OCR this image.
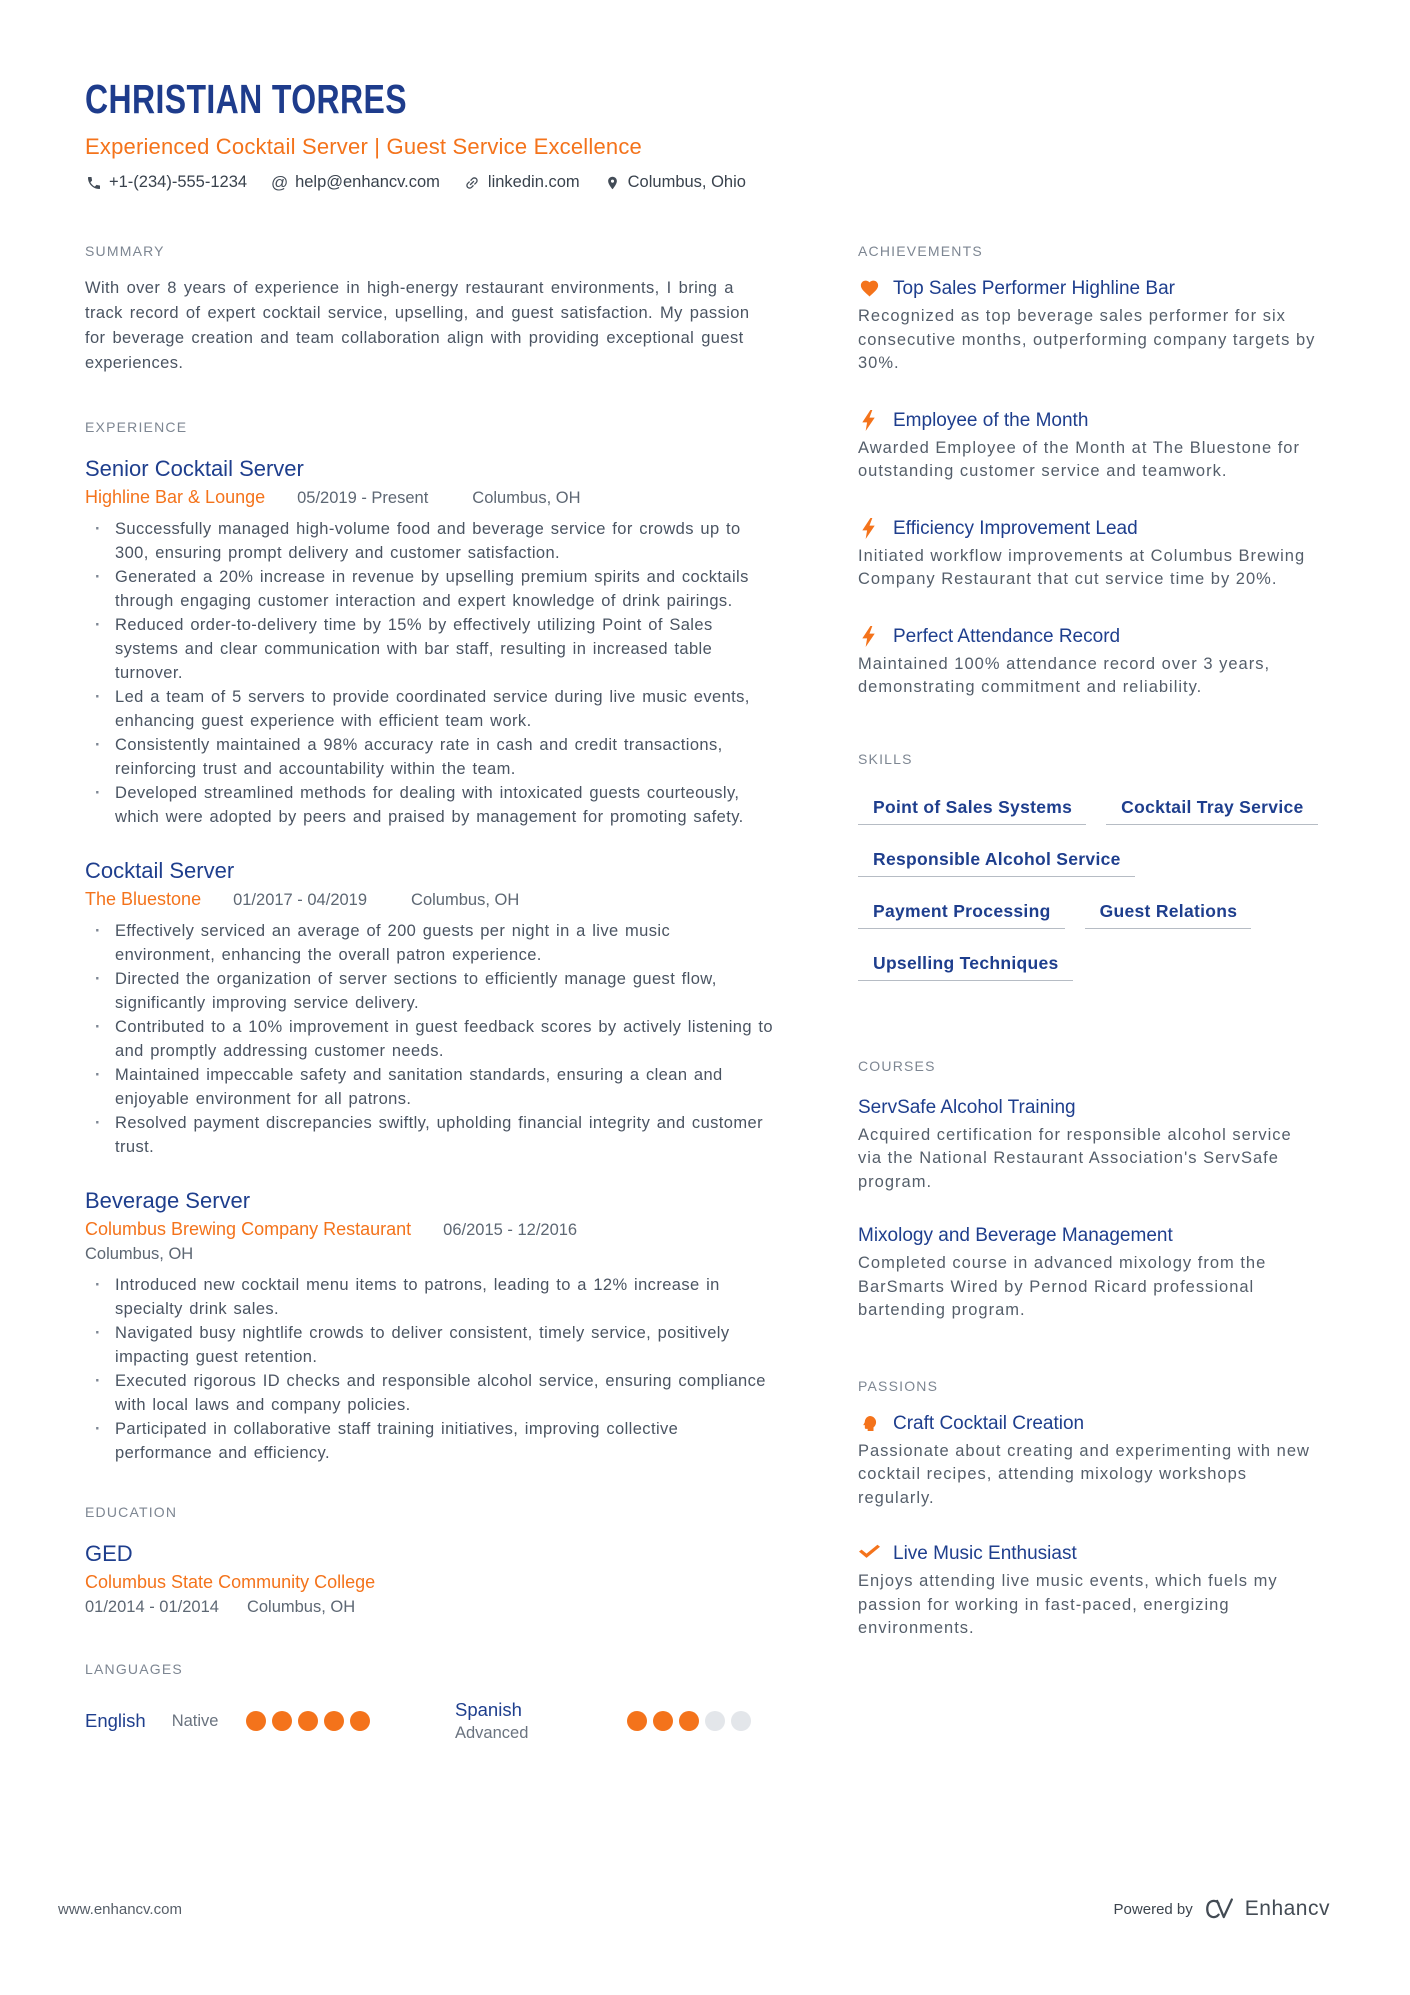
CHRISTIAN TORRES
Experienced Cocktail Server | Guest Service Excellence
+1-(234)-555-1234 @ help@enhancv.com	linkedin.com	Columbus, Ohio
SUMMARY

With over 8 years of experience in high-energy restaurant environments, I bring a track record of expert cocktail service, upselling, and guest satisfaction. My passion for beverage creation and team collaboration align with providing exceptional guest experiences.

EXPERIENCE
Senior Cocktail Server
Highline Bar & Lounge 05/2019 - Present	Columbus, OH
· Successfully managed high-volume food and beverage service for crowds up to 300, ensuring prompt delivery and customer satisfaction.
· Generated a 20% increase in revenue by upselling premium spirits and cocktails through engaging customer interaction and expert knowledge of drink pairings.
· Reduced order-to-delivery time by 15% by effectively utilizing Point of Sales systems and clear communication with bar staff, resulting in increased table turnover.
· Led a team of 5 servers to provide coordinated service during live music events, enhancing guest experience with efficient team work.
· Consistently maintained a 98% accuracy rate in cash and credit transactions, reinforcing trust and accountability within the team.
· Developed streamlined methods for dealing with intoxicated guests courteously, which were adopted by peers and praised by management for promoting safety.
Cocktail Server
The Bluestone 01/2017 - 04/2019	Columbus, OH
· Effectively serviced an average of 200 guests per night in a live music environment, enhancing the overall patron experience.
· Directed the organization of server sections to efficiently manage guest flow, significantly improving service delivery.
· Contributed to a 10% improvement in guest feedback scores by actively listening to and promptly addressing customer needs.
· Maintained impeccable safety and sanitation standards, ensuring a clean and enjoyable environment for all patrons.
· Resolved payment discrepancies swiftly, upholding financial integrity and customer trust.
Beverage Server
Columbus Brewing Company Restaurant 06/2015 - 12/2016
Columbus, OH
· Introduced new cocktail menu items to patrons, leading to a 12% increase in specialty drink sales.
· Navigated busy nightlife crowds to deliver consistent, timely service, positively impacting guest retention.
· Executed rigorous ID checks and responsible alcohol service, ensuring compliance with local laws and company policies.
· Participated in collaborative staff training initiatives, improving collective performance and efficiency.
EDUCATION
GED
Columbus State Community College
01/2014 - 01/2014 Columbus, OH
LANGUAGES
English Native
Spanish
Advanced
ACHIEVEMENTS
Top Sales Performer Highline Bar
Recognized as top beverage sales performer for six consecutive months, outperforming company targets by 30%.
Employee of the Month
Awarded Employee of the Month at The Bluestone for outstanding customer service and teamwork.
Efficiency Improvement Lead
Initiated workflow improvements at Columbus Brewing Company Restaurant that cut service time by 20%.
Perfect Attendance Record
Maintained 100% attendance record over 3 years, demonstrating commitment and reliability.
SKILLS
Point of Sales Systems	Cocktail Tray Service
Responsible Alcohol Service
Payment Processing	Guest Relations
Upselling Techniques
COURSES
ServSafe Alcohol Training
Acquired certification for responsible alcohol service via the National Restaurant Association's ServSafe program.
Mixology and Beverage Management
Completed course in advanced mixology from the BarSmarts Wired by Pernod Ricard professional bartending program.
PASSIONS
Craft Cocktail Creation
Passionate about creating and experimenting with new cocktail recipes, attending mixology workshops regularly.
Live Music Enthusiast
Enjoys attending live music events, which fuels my passion for working in fast-paced, energizing environments.
www.enhancv.com	Powered by Enhancv
